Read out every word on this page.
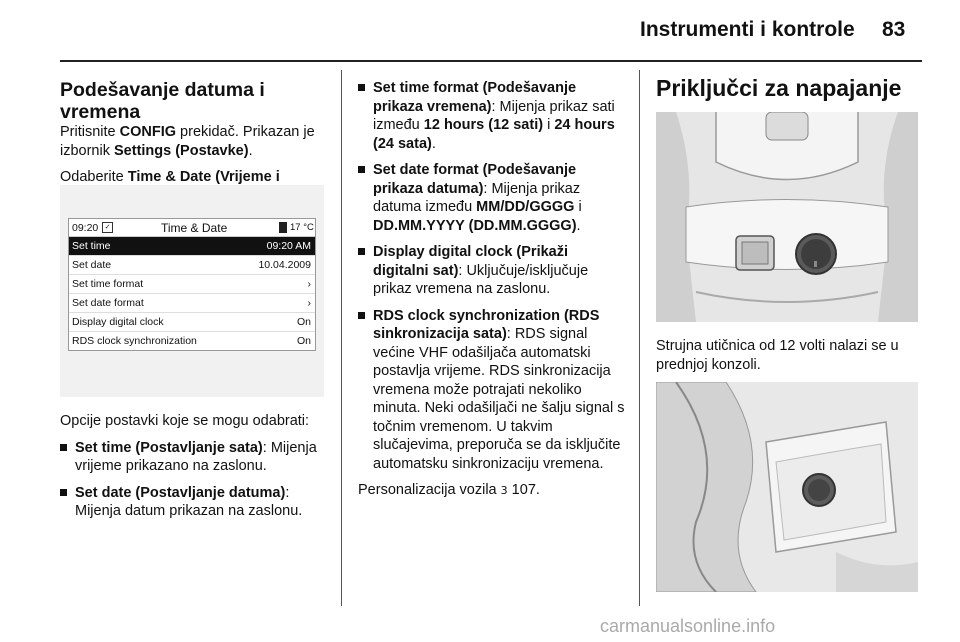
Instrumenti i kontrole 83
Podešavanje datuma i vremena

Pritisnite CONFIG prekidač. Prikazan je izbornik Settings (Postavke).

Odaberite Time & Date (Vrijeme i

09:20 ✓	Time & Date	17 °C
Set time	09:20 AM
Set date	10.04.2009
Set time format	›
Set date format	›
Display digital clock	On
RDS clock synchronization	On

Opcije postavki koje se mogu odabrati:

Set time (Postavljanje sata): Mijenja vrijeme prikazano na zaslonu.
Set date (Postavljanje datuma): Mijenja datum prikazan na zaslonu.
Set time format (Podešavanje prikaza vremena): Mijenja prikaz sati između 12 hours (12 sati) i 24 hours (24 sata).
Set date format (Podešavanje prikaza datuma): Mijenja prikaz datuma između MM/DD/GGGG i DD.MM.YYYY (DD.MM.GGGG).
Display digital clock (Prikaži digitalni sat): Uključuje/isključuje prikaz vremena na zaslonu.
RDS clock synchronization (RDS sinkronizacija sata): RDS signal većine VHF odašiljača automatski postavlja vrijeme. RDS sinkronizacija vremena može potrajati nekoliko minuta. Neki odašiljači ne šalju signal s točnim vremenom. U takvim slučajevima, preporuča se da isključite automatsku sinkronizaciju vremena.

Personalizacija vozila 3 107.

Priključci za napajanje

Strujna utičnica od 12 volti nalazi se u prednjoj konzoli.

carmanualsonline.info
